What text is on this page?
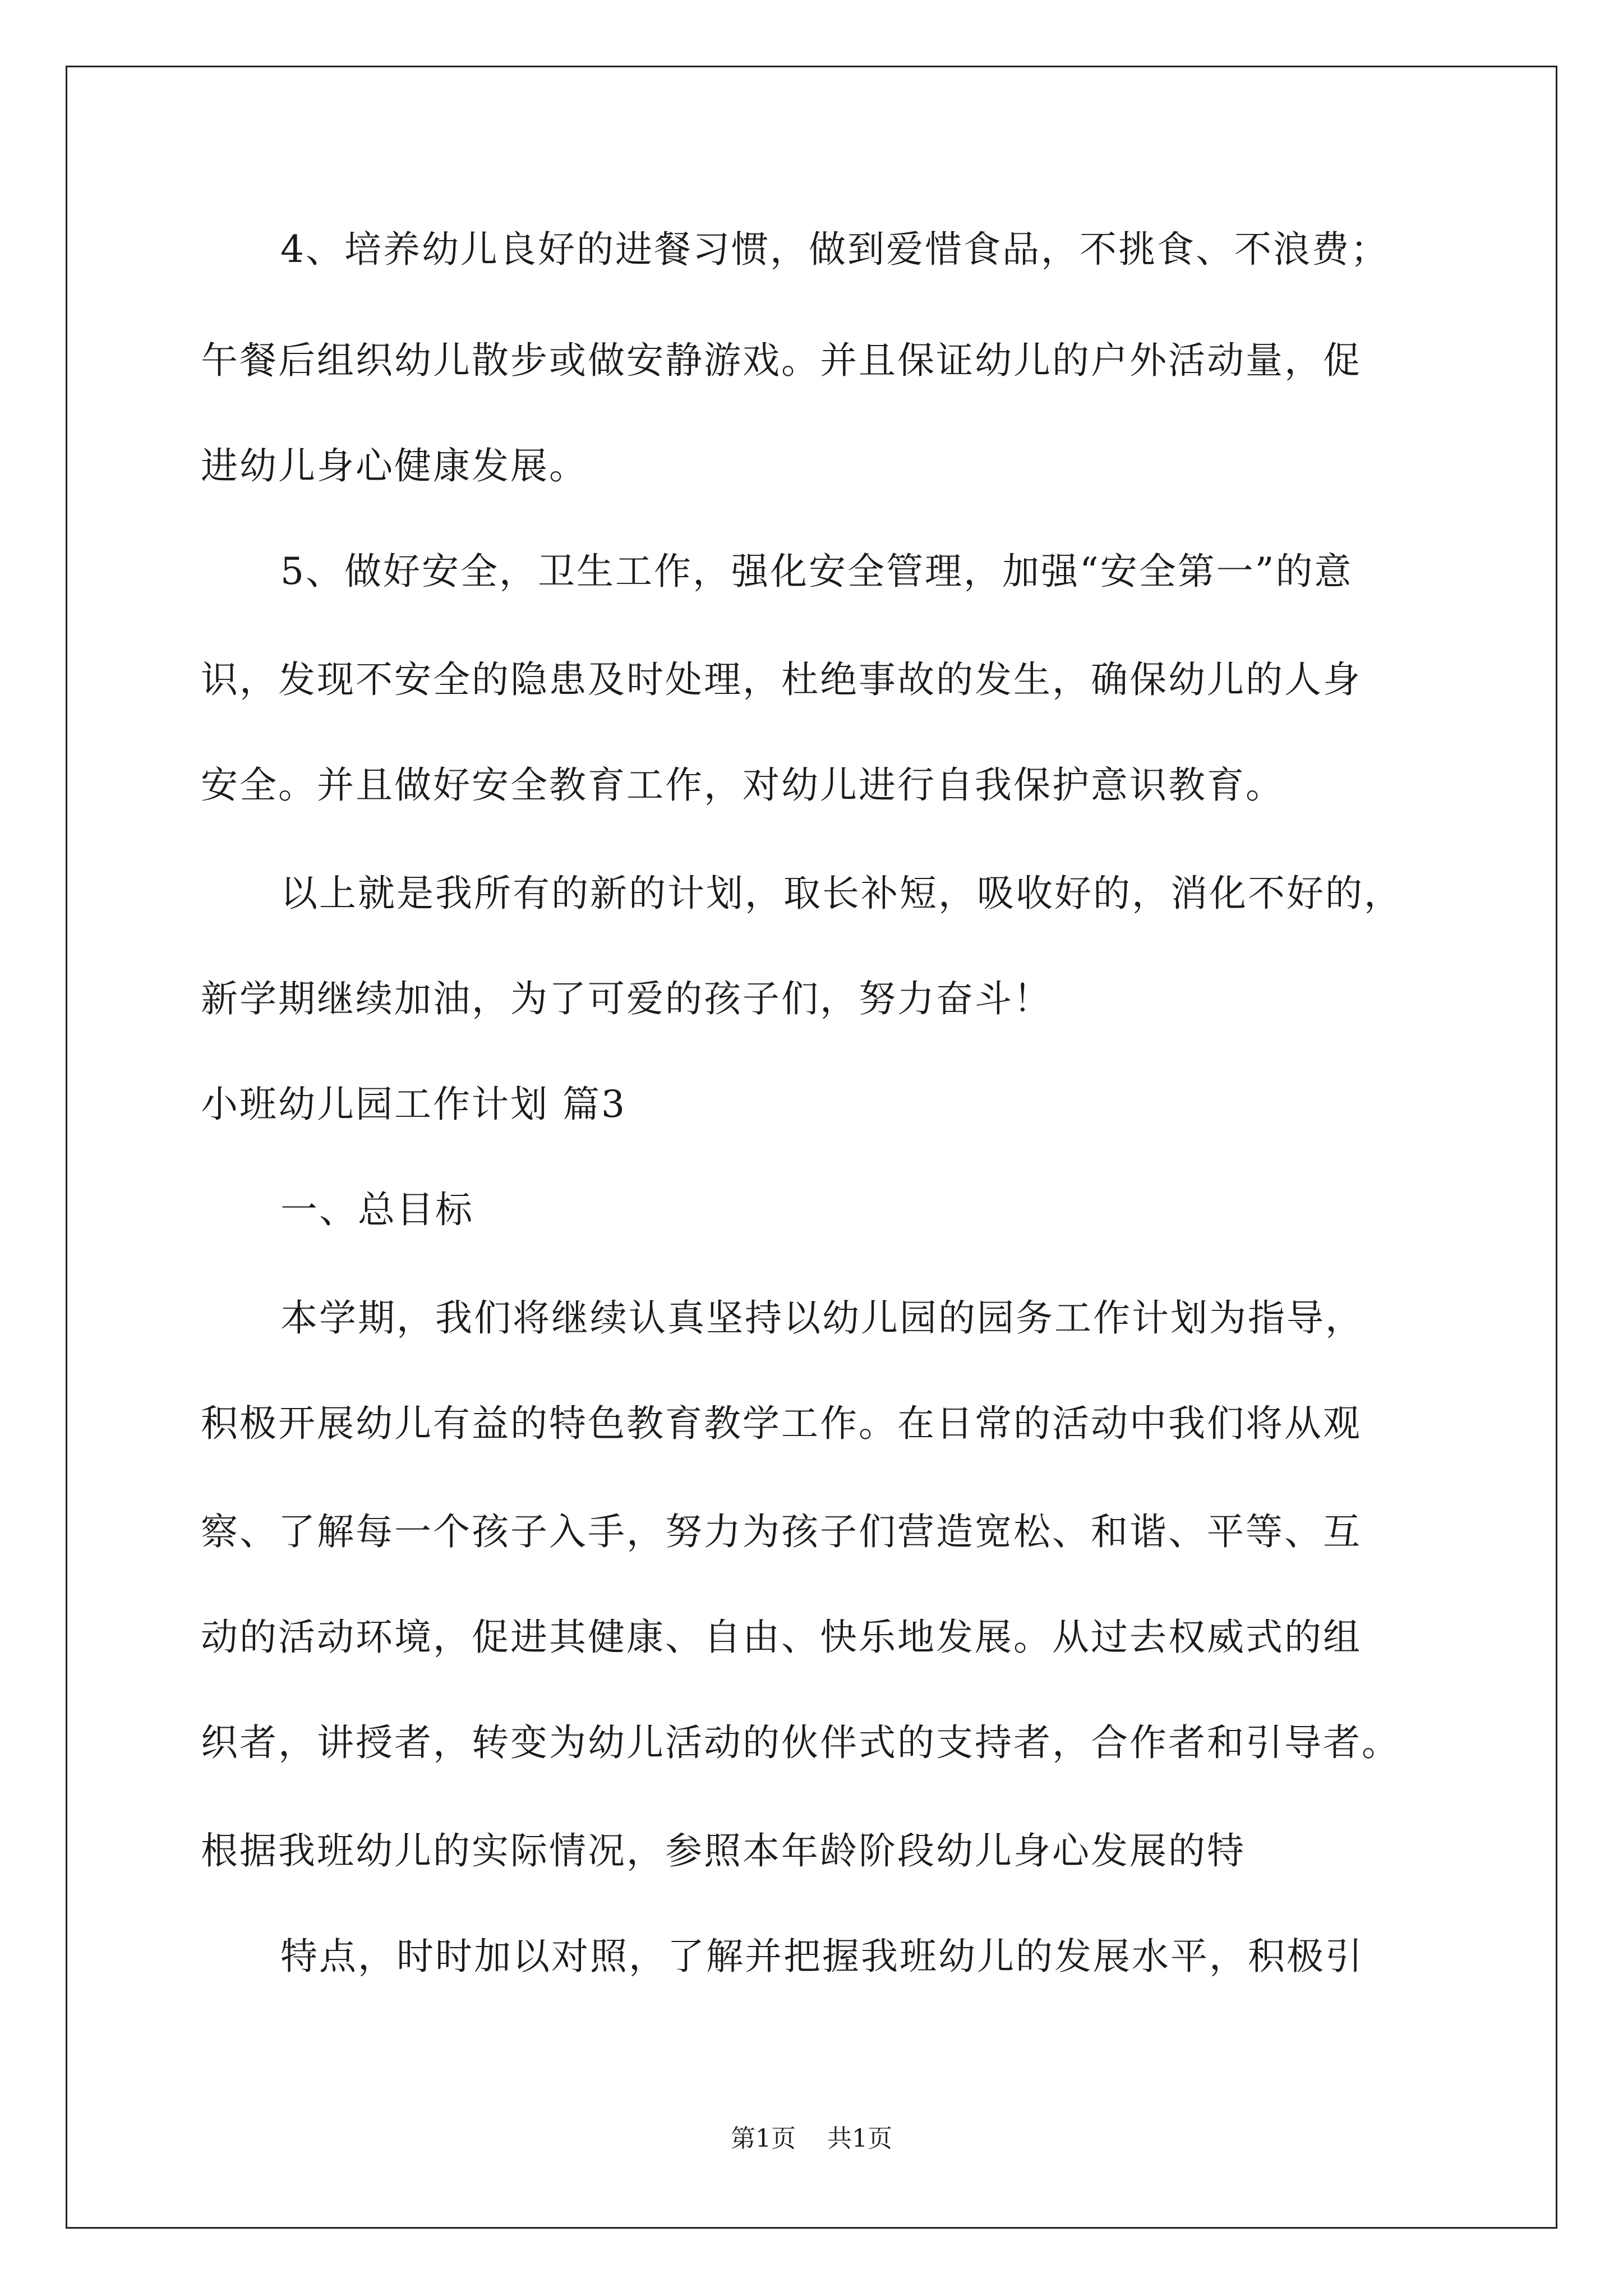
4、培养幼儿良好的进餐习惯，做到爱惜食品，不挑食、不浪费；
午餐后组织幼儿散步或做安静游戏。并且保证幼儿的户外活动量，促
进幼儿身心健康发展。
5、做好安全，卫生工作，强化安全管理，加强“安全第一”的意
识，发现不安全的隐患及时处理，杜绝事故的发生，确保幼儿的人身
安全。并且做好安全教育工作，对幼儿进行自我保护意识教育。
以上就是我所有的新的计划，取长补短，吸收好的，消化不好的，
新学期继续加油，为了可爱的孩子们，努力奋斗！
小班幼儿园工作计划 篇3
一、总目标
本学期，我们将继续认真坚持以幼儿园的园务工作计划为指导，
积极开展幼儿有益的特色教育教学工作。在日常的活动中我们将从观
察、了解每一个孩子入手，努力为孩子们营造宽松、和谐、平等、互
动的活动环境，促进其健康、自由、快乐地发展。从过去权威式的组
织者，讲授者，转变为幼儿活动的伙伴式的支持者，合作者和引导者。
根据我班幼儿的实际情况，参照本年龄阶段幼儿身心发展的特
特点，时时加以对照，了解并把握我班幼儿的发展水平，积极引
第1页 共1页
